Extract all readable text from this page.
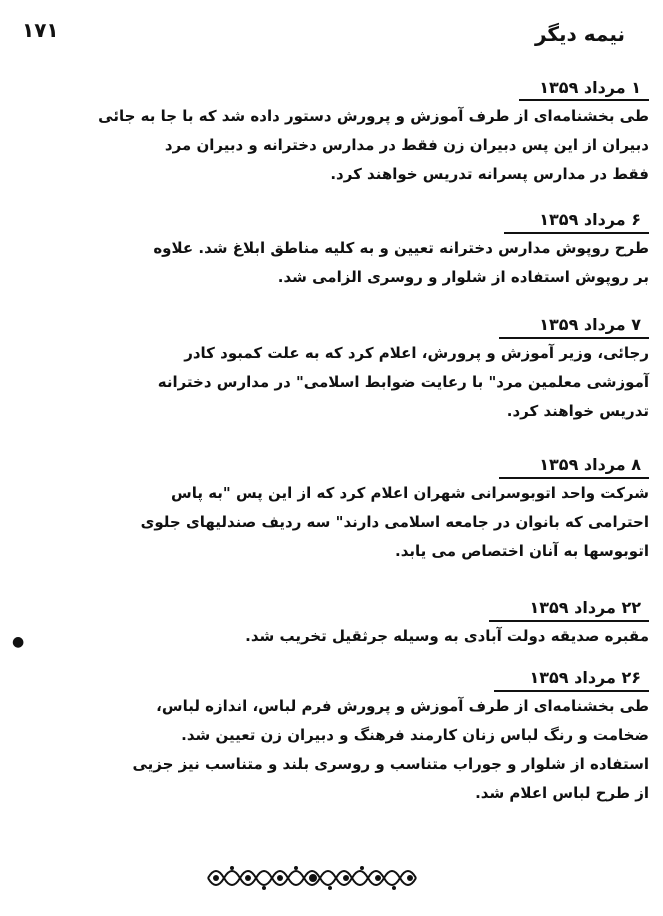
۱۷۱	نیمه دیگر
۱ مرداد ۱۳۵۹
طی بخشنامه‌ای از طرف آموزش و پرورش دستور داده شد که با جا به جائی
دبیران از این پس دبیران زن فقط در مدارس دخترانه و دبیران مرد
فقط در مدارس پسرانه تدریس خواهند کرد.
۶ مرداد ۱۳۵۹
طرح روپوش مدارس دخترانه تعیین و به کلیه مناطق ابلاغ شد. علاوه
بر روپوش استفاده از شلوار و روسری الزامی شد.
۷ مرداد ۱۳۵۹
رجائی، وزیر آموزش و پرورش، اعلام کرد که به علت کمبود کادر
آموزشی معلمین مرد" با رعایت ضوابط اسلامی" در مدارس دخترانه
تدریس خواهند کرد.
۸ مرداد ۱۳۵۹
شرکت واحد اتوبوسرانی شهران اعلام کرد که از این پس "به پاس
احترامی که بانوان در جامعه اسلامی دارند" سه ردیف صندلیهای جلوی
اتوبوسها به آنان اختصاص می یابد.
۲۲ مرداد ۱۳۵۹
مقبره صدیقه دولت آبادی به وسیله جرثقیل تخریب شد.
●
۲۶ مرداد ۱۳۵۹
طی بخشنامه‌ای از طرف آموزش و پرورش فرم لباس، اندازه لباس،
ضخامت و رنگ لباس زنان کارمند فرهنگ و دبیران زن تعیین شد.
استفاده از شلوار و جوراب متناسب و روسری بلند و متناسب نیز جزیی
از طرح لباس اعلام شد.
